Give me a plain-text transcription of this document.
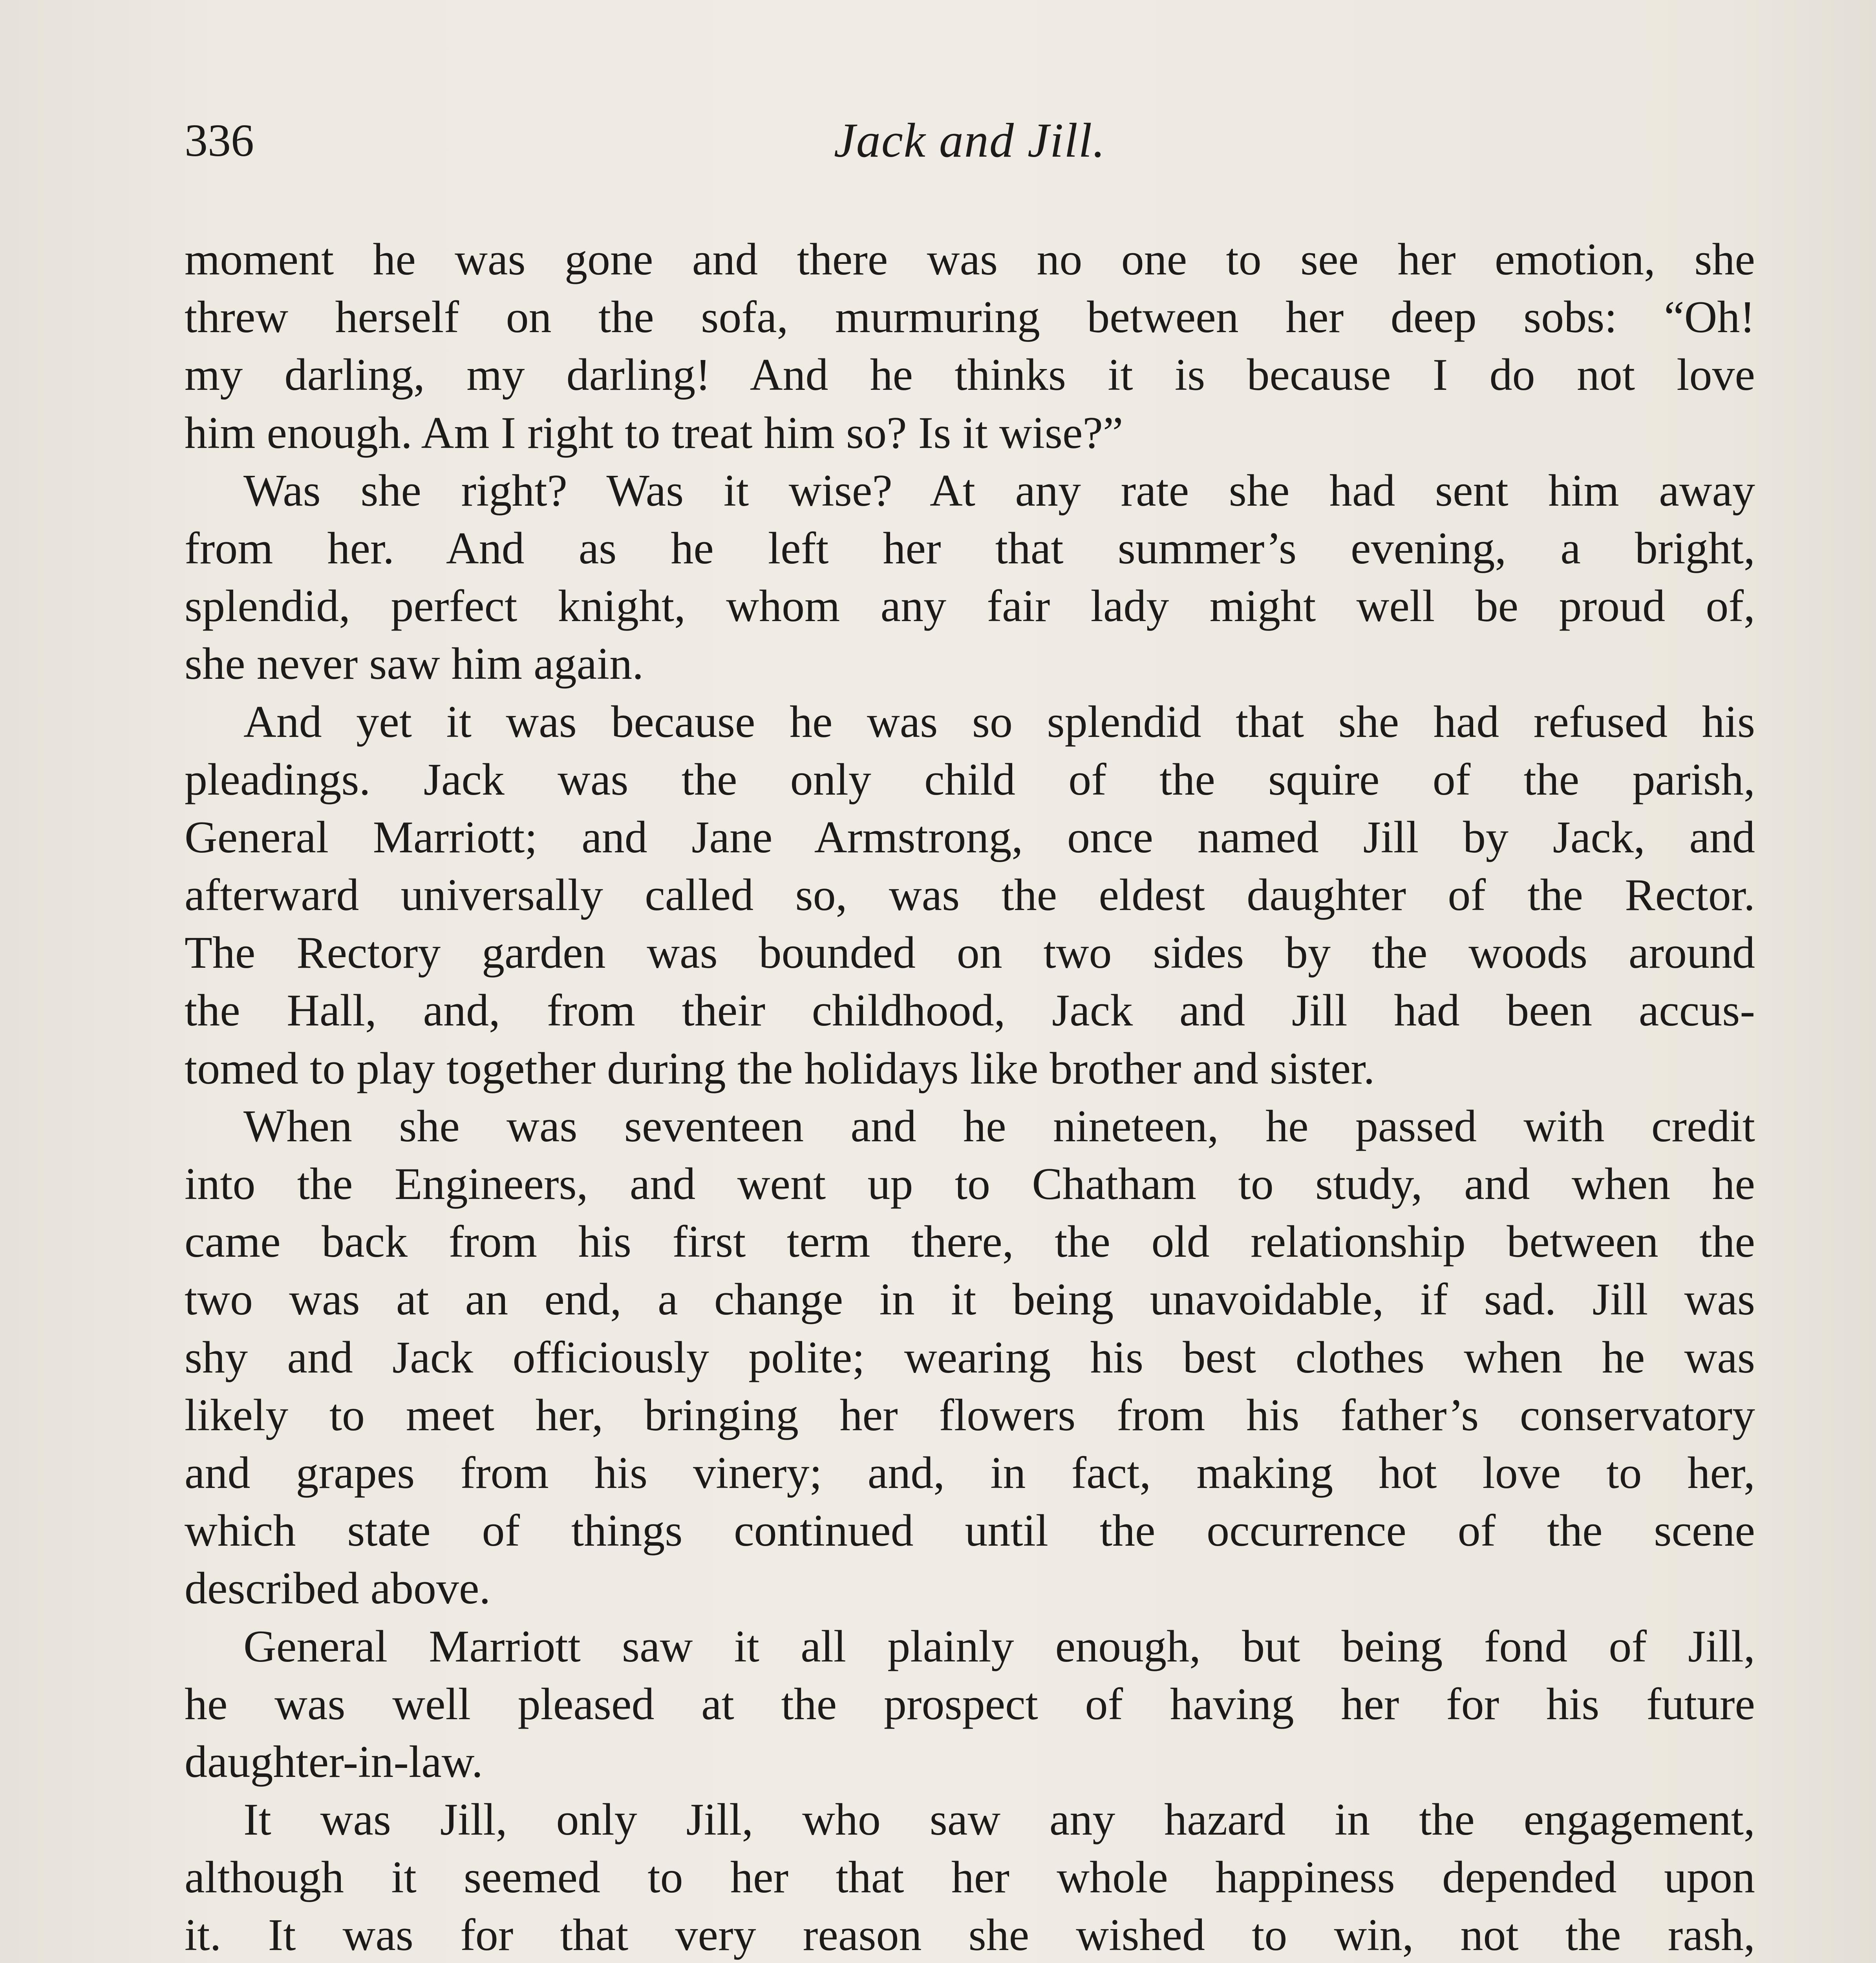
Jack and Jill.
336
moment he was gone and there was no one to see her emotion, she
threw herself on the sofa, murmuring between her deep sobs: “Oh!
my darling, my darling! And he thinks it is because I do not love
him enough. Am I right to treat him so? Is it wise?”
Was she right? Was it wise? At any rate she had sent him away
from her. And as he left her that summer’s evening, a bright,
splendid, perfect knight, whom any fair lady might well be proud of,
she never saw him again.
And yet it was because he was so splendid that she had refused his
pleadings. Jack was the only child of the squire of the parish,
General Marriott; and Jane Armstrong, once named Jill by Jack, and
afterward universally called so, was the eldest daughter of the Rector.
The Rectory garden was bounded on two sides by the woods around
the Hall, and, from their childhood, Jack and Jill had been accus-
tomed to play together during the holidays like brother and sister.
When she was seventeen and he nineteen, he passed with credit
into the Engineers, and went up to Chatham to study, and when he
came back from his first term there, the old relationship between the
two was at an end, a change in it being unavoidable, if sad. Jill was
shy and Jack officiously polite; wearing his best clothes when he was
likely to meet her, bringing her flowers from his father’s conservatory
and grapes from his vinery; and, in fact, making hot love to her,
which state of things continued until the occurrence of the scene
described above.
General Marriott saw it all plainly enough, but being fond of Jill,
he was well pleased at the prospect of having her for his future
daughter-in-law.
It was Jill, only Jill, who saw any hazard in the engagement,
although it seemed to her that her whole happiness depended upon
it. It was for that very reason she wished to win, not the rash,
